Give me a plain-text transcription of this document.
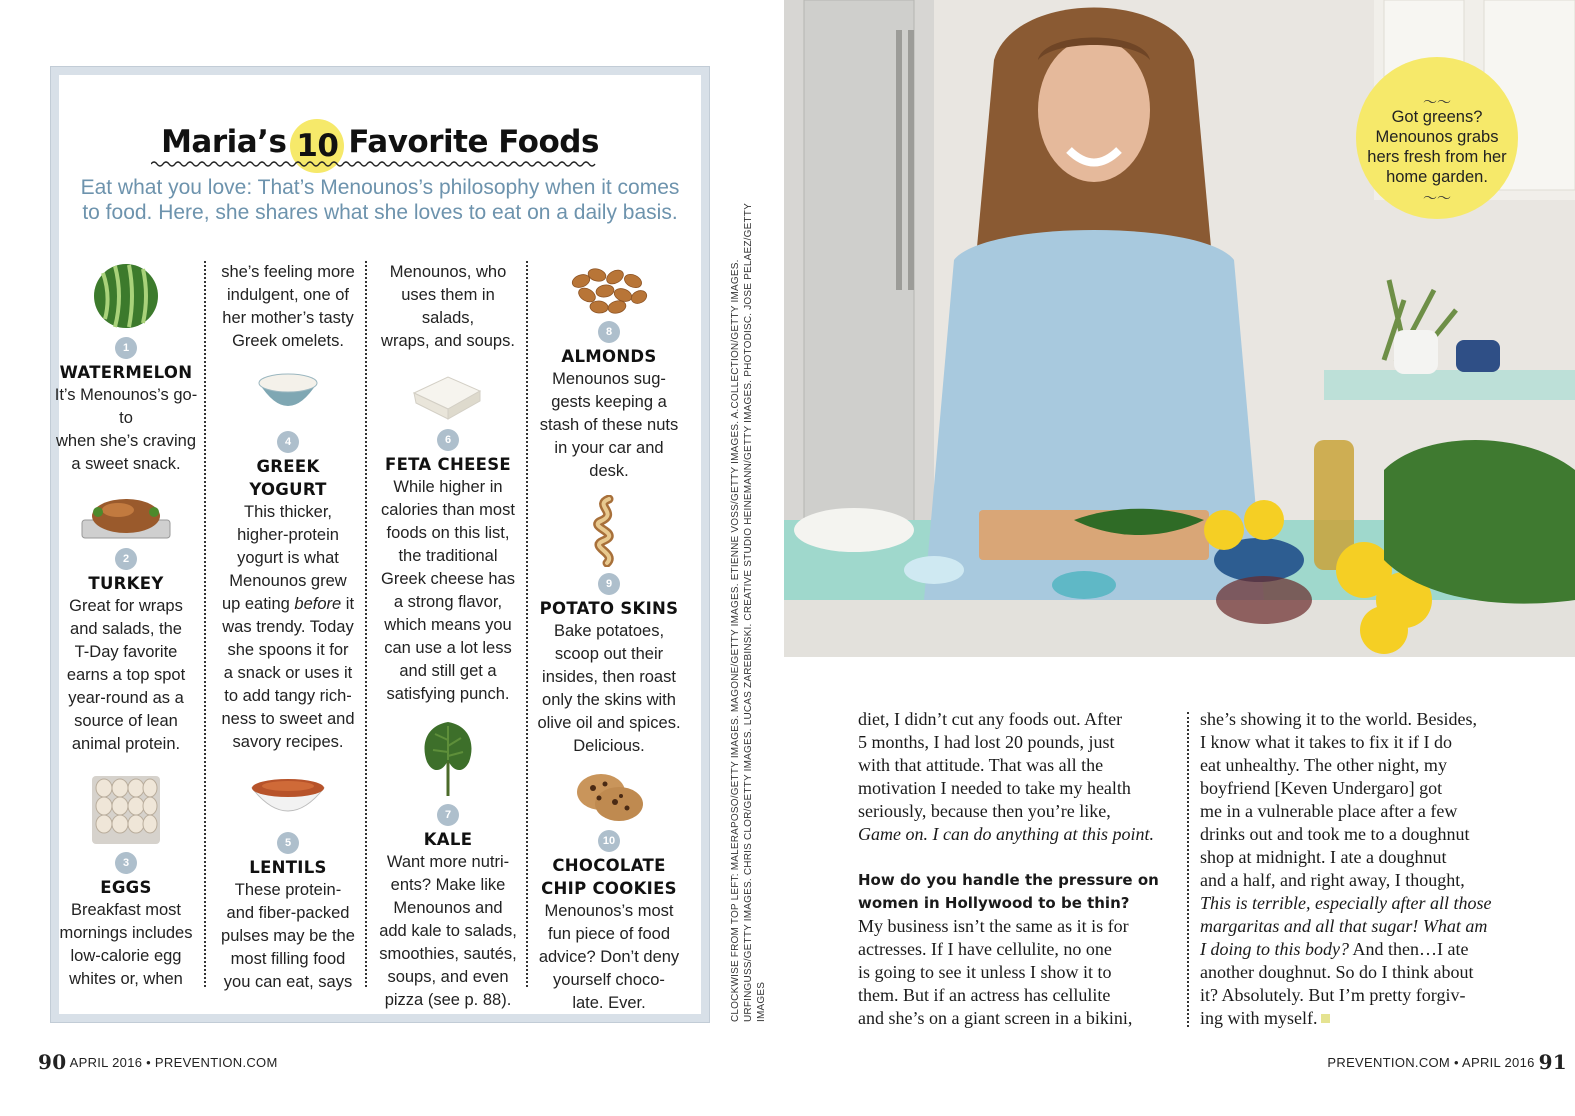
Maria’s 10 Favorite Foods
Eat what you love: That’s Menounos’s philosophy when it comes
to food. Here, she shares what she loves to eat on a daily basis.
1
WATERMELON
It’s Menounos’s go-to
when she’s craving
a sweet snack.
2
TURKEY
Great for wraps
and salads, the
T-Day favorite
earns a top spot
year-round as a
source of lean
animal protein.
3
EGGS
Breakfast most
mornings includes
low-calorie egg
whites or, when
she’s feeling more
indulgent, one of
her mother’s tasty
Greek omelets.
4
GREEK
YOGURT
This thicker,
higher-protein
yogurt is what
Menounos grew
up eating before it
was trendy. Today
she spoons it for
a snack or uses it
to add tangy rich-
ness to sweet and
savory recipes.
5
LENTILS
These protein-
and fiber-packed
pulses may be the
most filling food
you can eat, says
Menounos, who
uses them in salads,
wraps, and soups.
6
FETA CHEESE
While higher in
calories than most
foods on this list,
the traditional
Greek cheese has
a strong flavor,
which means you
can use a lot less
and still get a
satisfying punch.
7
KALE
Want more nutri-
ents? Make like
Menounos and
add kale to salads,
smoothies, sautés,
soups, and even
pizza (see p. 88).
8
ALMONDS
Menounos sug-
gests keeping a
stash of these nuts
in your car and desk.
9
POTATO SKINS
Bake potatoes,
scoop out their
insides, then roast
only the skins with
olive oil and spices.
Delicious.
10
CHOCOLATE
CHIP COOKIES
Menounos’s most
fun piece of food
advice? Don’t deny
yourself choco-
late. Ever.	CLOCKWISE FROM TOP LEFT: MALERAPOSO/GETTY IMAGES. MAGONE/GETTY IMAGES. ETIENNE VOSS/GETTY IMAGES. A.COLLECTION/GETTY IMAGES. URFINGUSS/GETTY IMAGES. CHRIS CLOR/GETTY IMAGES. LUCAS ZAREBINSKI. CREATIVE STUDIO HEINEMANN/GETTY IMAGES. PHOTODISC. JOSE PELAEZ/GETTY IMAGES
〜〜
Got greens?
Menounos grabs
hers fresh from her
home garden.
〜〜
diet, I didn’t cut any foods out. After
5 months, I had lost 20 pounds, just
with that attitude. That was all the
motivation I needed to take my health
seriously, because then you’re like,
Game on. I can do anything at this point.
How do you handle the pressure on
women in Hollywood to be thin?
My business isn’t the same as it is for
actresses. If I have cellulite, no one
is going to see it unless I show it to
them. But if an actress has cellulite
and she’s on a giant screen in a bikini,
she’s showing it to the world. Besides,
I know what it takes to fix it if I do
eat unhealthy. The other night, my
boyfriend [Keven Undergaro] got
me in a vulnerable place after a few
drinks out and took me to a doughnut
shop at midnight. I ate a doughnut
and a half, and right away, I thought,
This is terrible, especially after all those
margaritas and all that sugar! What am
I doing to this body? And then…I ate
another doughnut. So do I think about
it? Absolutely. But I’m pretty forgiv-
ing with myself.
90 APRIL 2016 • PREVENTION.COM	PREVENTION.COM • APRIL 2016 91
